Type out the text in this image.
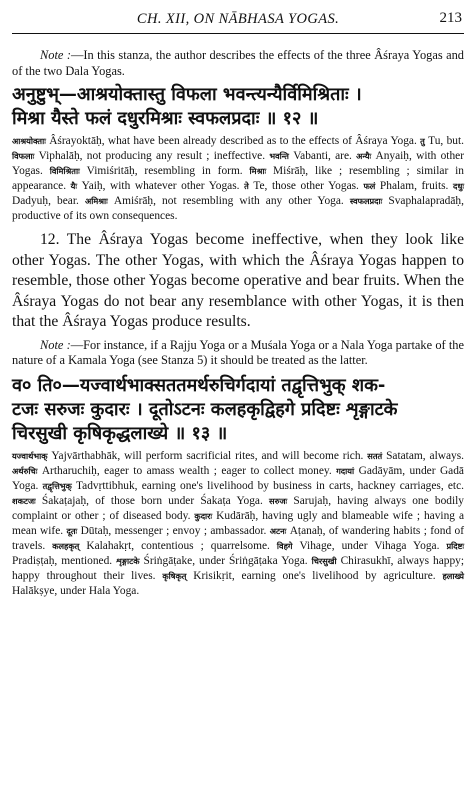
CH. XII, ON NĀBHASA YOGAS.	213

Note :—In this stanza, the author describes the effects of the three Âśraya Yogas and of the two Dala Yogas.

अनुष्टुभ्—आश्रयोक्तास्तु विफला भवन्त्यन्यैर्विमिश्रिताः ।
मिश्रा यैस्ते फलं दधुरमिश्राः स्वफलप्रदाः ॥ १२ ॥

आश्रयोक्ताः Âśrayoktāḥ, what have been already described as to the effects of Âśraya Yoga. तु Tu, but. विफलाः Viphalāḥ, not producing any result ; ineffective. भवन्ति Vabanti, are. अन्यैः Anyaiḥ, with other Yogas. विमिश्रिताः Vimiśritāḥ, resembling in form. मिश्राः Miśrāḥ, like ; resembling ; similar in appearance. यैः Yaiḥ, with whatever other Yogas. ते Te, those other Yogas. फलं Phalam, fruits. दधुः Dadyuḥ, bear. अमिश्राः Amiśrāḥ, not resembling with any other Yoga. स्वफलप्रदाः Svaphalapradāḥ, productive of its own consequences.

12. The Âśraya Yogas become ineffective, when they look like other Yogas. The other Yogas, with which the Âśraya Yogas happen to resemble, those other Yogas become operative and bear fruits. When the Âśraya Yogas do not bear any resemblance with other Yogas, it is then that the Âśraya Yogas produce results.

Note :—For instance, if a Rajju Yoga or a Muśala Yoga or a Nala Yoga partake of the nature of a Kamala Yoga (see Stanza 5) it should be treated as the latter.

व० ति०—यज्वार्थभाक्सततमर्थरुचिर्गदायां तद्वृत्तिभुक् शक-
टजः सरुजः कुदारः । दूतोऽटनः कलहकृद्विहगे प्रदिष्टः शृङ्गाटके
चिरसुखी कृषिकृद्धलाख्ये ॥ १३ ॥

यज्वार्थभाक् Yajvārthabhāk, will perform sacrificial rites, and will become rich. सततं Satatam, always. अर्थरुचिः Artharuchiḥ, eager to amass wealth ; eager to collect money. गदायां Gadāyām, under Gadā Yoga. तद्वृत्तिभुक् Tadvṛttibhuk, earning one's livelihood by business in carts, hackney carriages, etc. शकटजः Śakaṭajaḥ, of those born under Śakaṭa Yoga. सरुजः Sarujaḥ, having always one bodily complaint or other ; of diseased body. कुदारः Kudārāḥ, having ugly and blameable wife ; having a mean wife. दूतः Dūtaḥ, messenger ; envoy ; ambassador. अटनः Aṭanaḥ, of wandering habits ; fond of travels. कलहकृत् Kalahakṛt, contentious ; quarrelsome. विहगे Vihage, under Vihaga Yoga. प्रदिष्टः Pradiṣṭaḥ, mentioned. शृङ्गाटके Śriṅgāṭake, under Śriṅgāṭaka Yoga. चिरसुखी Chirasukhī, always happy; happy throughout their lives. कृषिकृत् Krisikṛit, earning one's livelihood by agriculture. हलाख्ये Halākṣye, under Hala Yoga.
